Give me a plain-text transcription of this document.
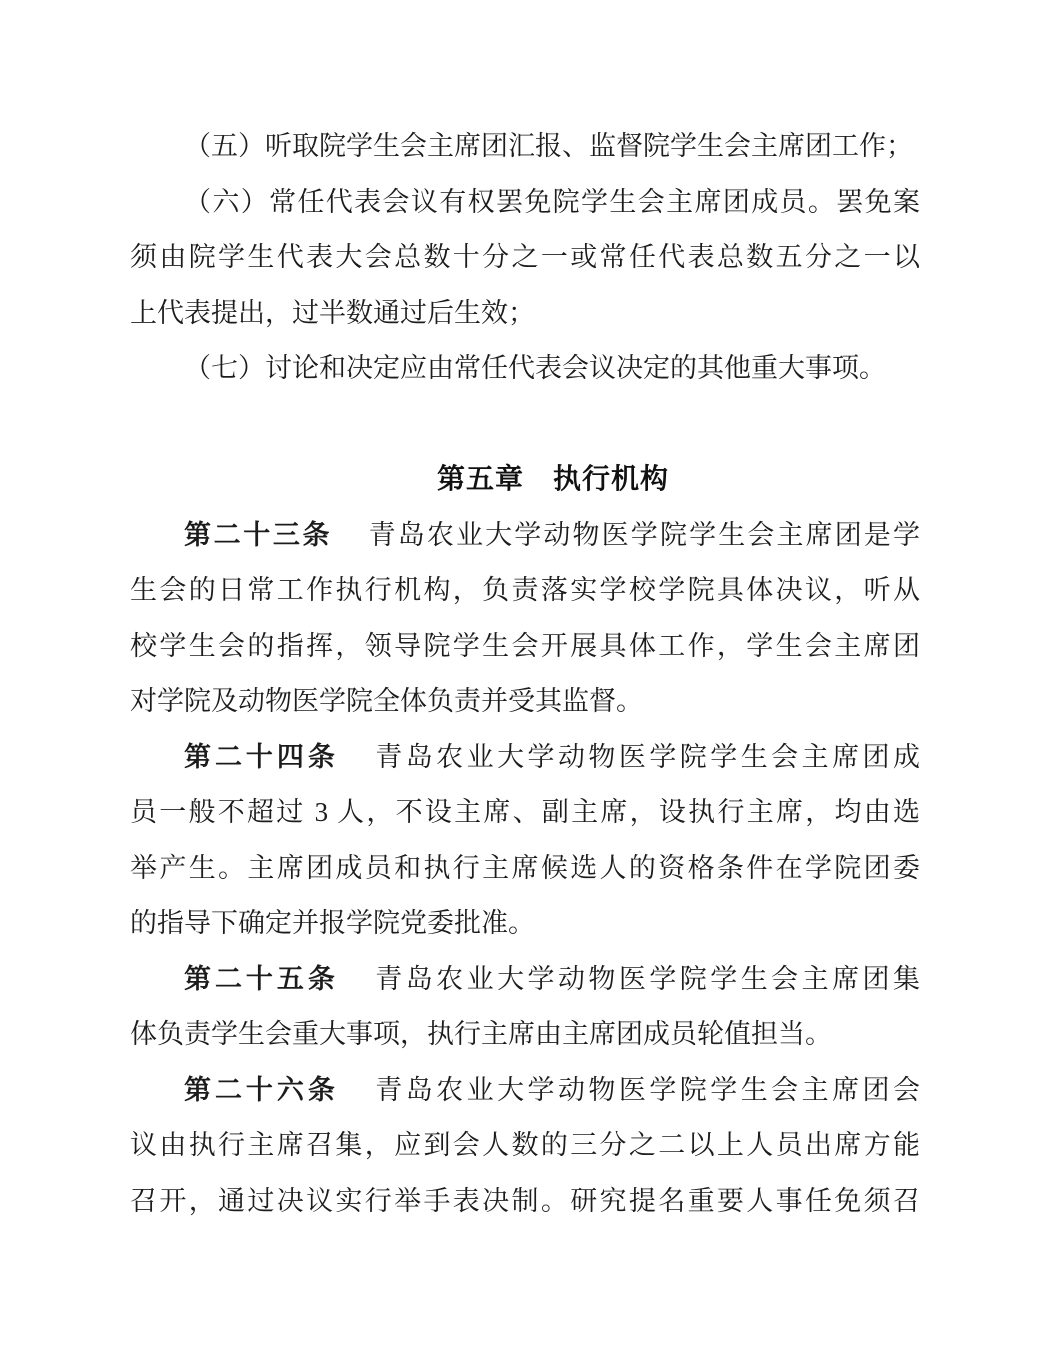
（五）听取院学生会主席团汇报、监督院学生会主席团工作；
（六）常任代表会议有权罢免院学生会主席团成员。罢免案
须由院学生代表大会总数十分之一或常任代表总数五分之一以
上代表提出，过半数通过后生效；
（七）讨论和决定应由常任代表会议决定的其他重大事项。
第五章　执行机构
第二十三条 青岛农业大学动物医学院学生会主席团是学
生会的日常工作执行机构，负责落实学校学院具体决议，听从
校学生会的指挥，领导院学生会开展具体工作，学生会主席团
对学院及动物医学院全体负责并受其监督。
第二十四条 青岛农业大学动物医学院学生会主席团成
员一般不超过 3 人，不设主席、副主席，设执行主席，均由选
举产生。主席团成员和执行主席候选人的资格条件在学院团委
的指导下确定并报学院党委批准。
第二十五条 青岛农业大学动物医学院学生会主席团集
体负责学生会重大事项，执行主席由主席团成员轮值担当。
第二十六条 青岛农业大学动物医学院学生会主席团会
议由执行主席召集，应到会人数的三分之二以上人员出席方能
召开，通过决议实行举手表决制。研究提名重要人事任免须召
